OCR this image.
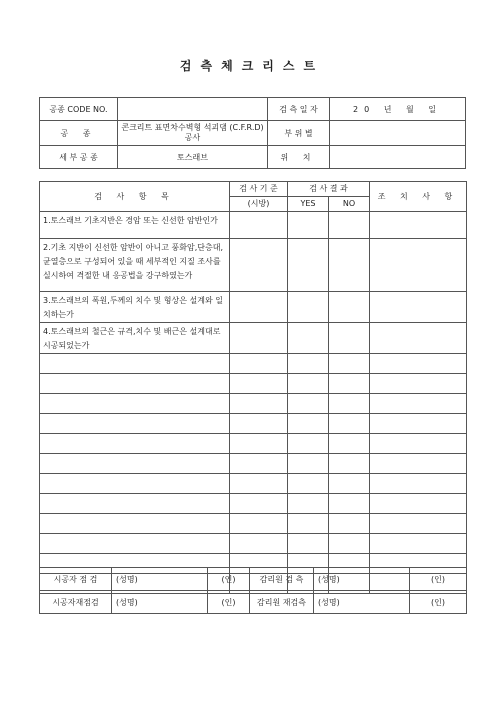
검측체크리스트
공종 CODE NO.		검 측 일 자	20 년 월 일
공 종	콘크리트 표면차수벽형 석괴댐 (C.F.R.D)공사	부 위 별	
세 부 공 종	토스래브	위 치	
검 사 항 목	검 사 기 준	검 사 결 과		조 치 사 항
	(시방)	YES	NO	
1.토스래브 기초지반은 경암 또는 신선한 암반인가				
2.기초 지반이 신선한 암반이 아니고 풍화암,단층대,균열층으로 구성되어 있을 때 세부적인 지질 조사를 실시하여 격절한 내 응공법을 강구하였는가				
3.토스래브의 폭원,두께의 치수 및 형상은 설계와 일치하는가				
4.토스래브의 철근은 규격,치수 및 배근은 설계대로 시공되었는가				

시공자 점 검	(성명)	(인)	감리원 검 측	(성명)	(인)
시공자재점검	(성명)	(인)	감리원 재검측	(성명)	(인)
